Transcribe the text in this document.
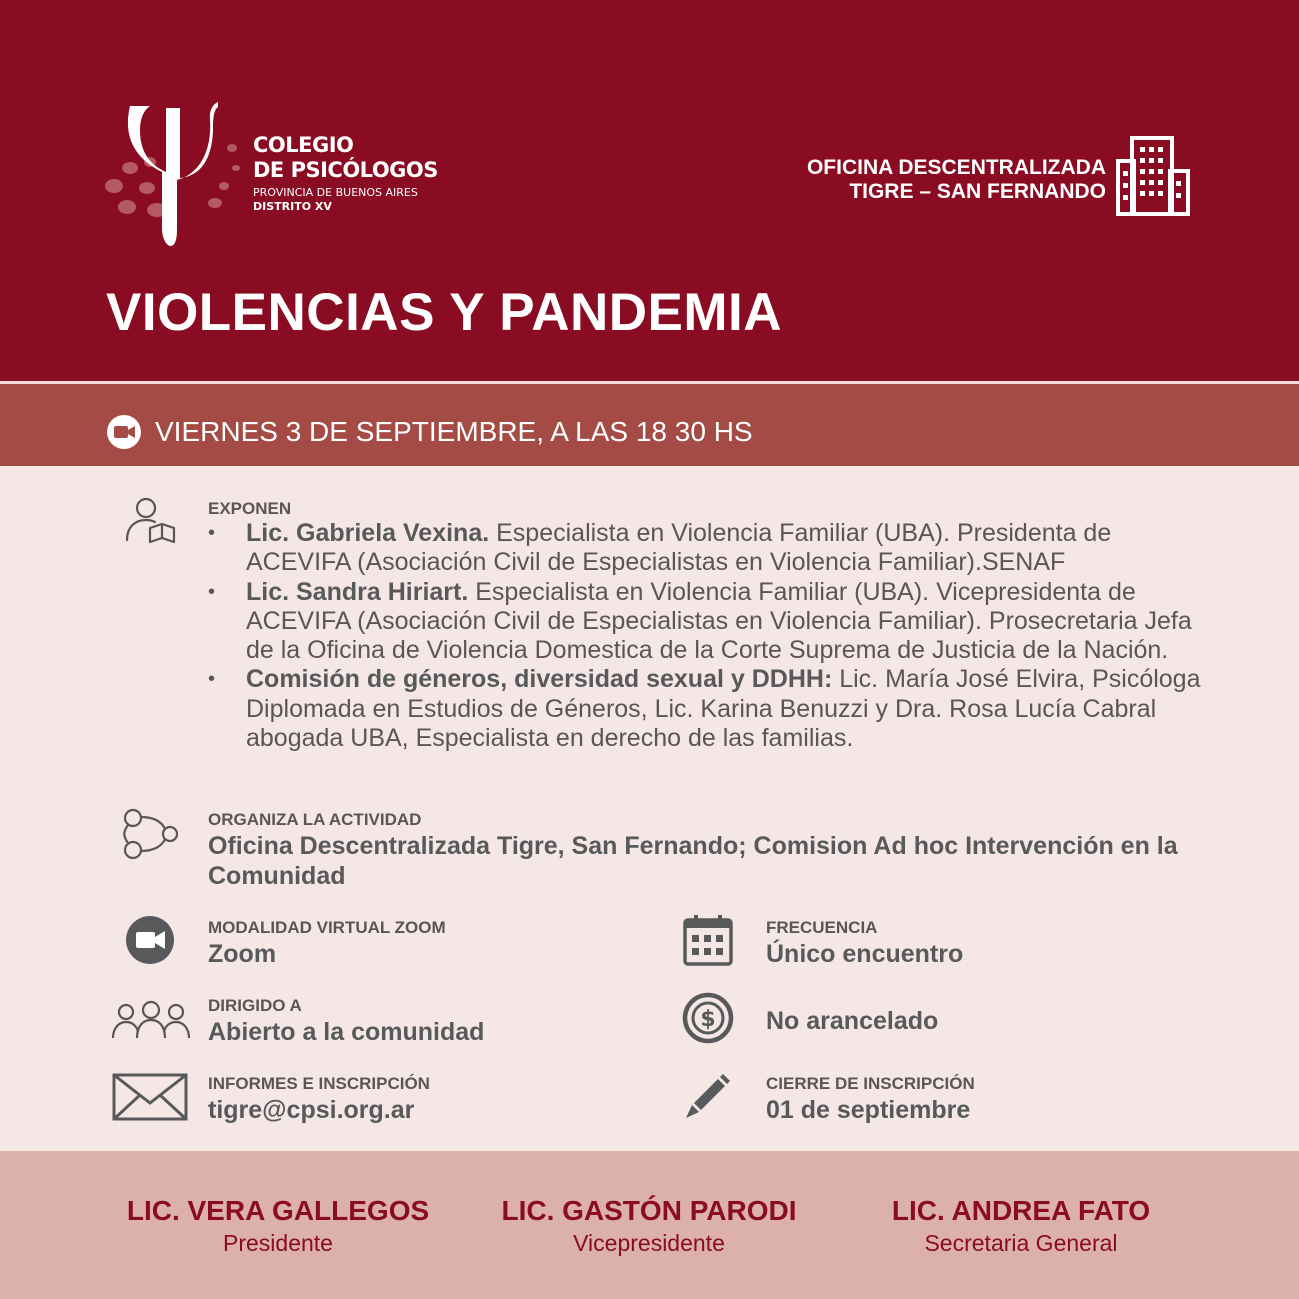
COLEGIO
DE PSICÓLOGOS
PROVINCIA DE BUENOS AIRES
DISTRITO XV
OFICINA DESCENTRALIZADA
TIGRE – SAN FERNANDO
VIOLENCIAS Y PANDEMIA
VIERNES 3 DE SEPTIEMBRE, A LAS 18 30 HS
EXPONEN
• Lic. Gabriela Vexina. Especialista en Violencia Familiar (UBA). Presidenta de ACEVIFA (Asociación Civil de Especialistas en Violencia Familiar).SENAF
• Lic. Sandra Hiriart. Especialista en Violencia Familiar (UBA). Vicepresidenta de ACEVIFA (Asociación Civil de Especialistas en Violencia Familiar). Prosecretaria Jefa de la Oficina de Violencia Domestica de la Corte Suprema de Justicia de la Nación.
• Comisión de géneros, diversidad sexual y DDHH: Lic. María José Elvira, Psicóloga Diplomada en Estudios de Géneros, Lic. Karina Benuzzi y Dra. Rosa Lucía Cabral abogada UBA, Especialista en derecho de las familias.
ORGANIZA LA ACTIVIDAD
Oficina Descentralizada Tigre, San Fernando; Comision Ad hoc Intervención en la Comunidad
MODALIDAD VIRTUAL ZOOM
Zoom
FRECUENCIA
Único encuentro
DIRIGIDO A
Abierto a la comunidad	$ No arancelado
INFORMES E INSCRIPCIÓN
tigre@cpsi.org.ar
CIERRE DE INSCRIPCIÓN
01 de septiembre
LIC. VERA GALLEGOS
Presidente
LIC. GASTÓN PARODI
Vicepresidente
LIC. ANDREA FATO
Secretaria General
